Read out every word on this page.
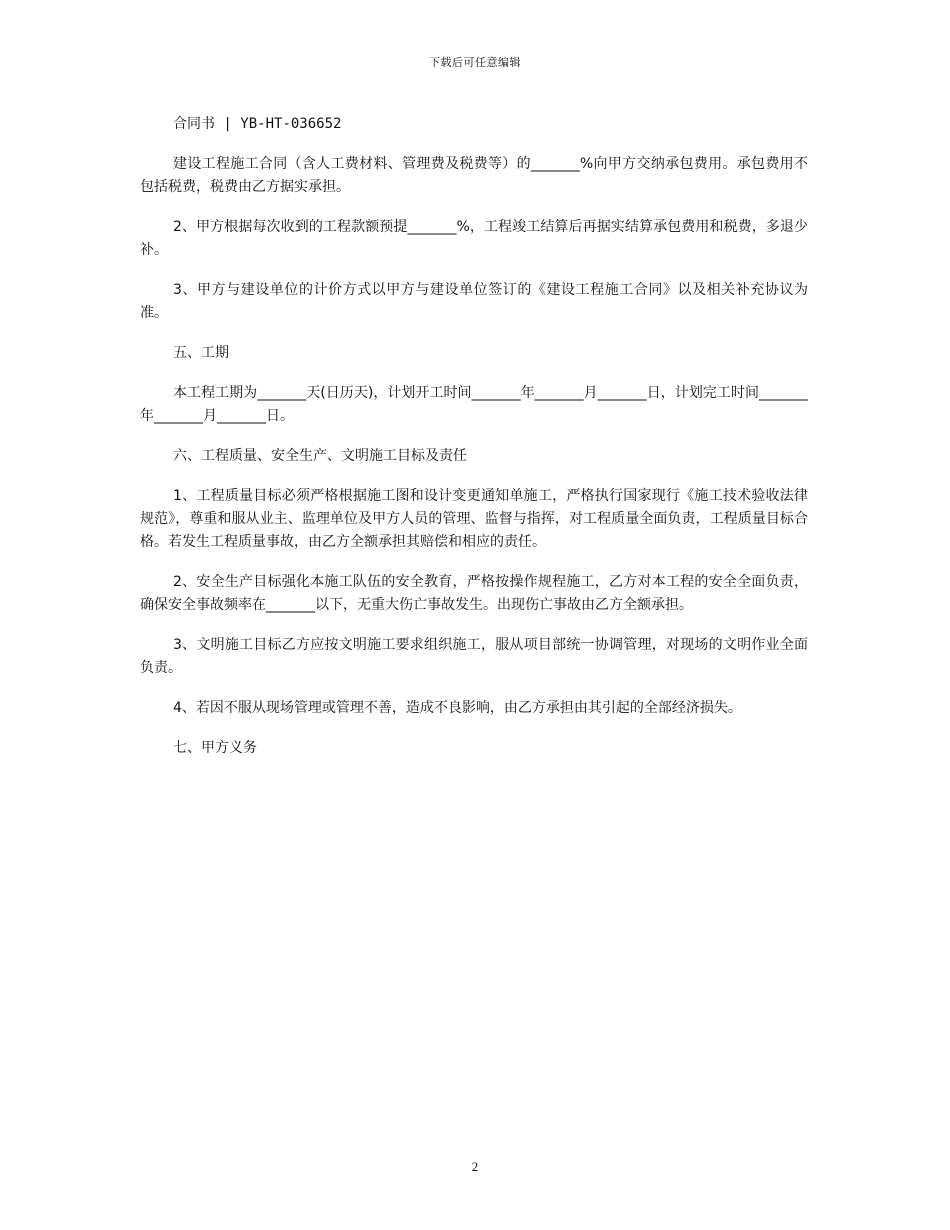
下载后可任意编辑
合同书 | YB-HT-036652

建设工程施工合同（含人工费材料、管理费及税费等）的_______%向甲方交纳承包费用。承包费用不包括税费，税费由乙方据实承担。

2、甲方根据每次收到的工程款额预提_______%，工程竣工结算后再据实结算承包费用和税费，多退少补。

3、甲方与建设单位的计价方式以甲方与建设单位签订的《建设工程施工合同》以及相关补充协议为准。

五、工期

本工程工期为_______天(日历天)，计划开工时间_______年_______月_______日，计划完工时间_______年_______月_______日。

六、工程质量、安全生产、文明施工目标及责任

1、工程质量目标必须严格根据施工图和设计变更通知单施工，严格执行国家现行《施工技术验收法律规范》，尊重和服从业主、监理单位及甲方人员的管理、监督与指挥，对工程质量全面负责，工程质量目标合格。若发生工程质量事故，由乙方全额承担其赔偿和相应的责任。

2、安全生产目标强化本施工队伍的安全教育，严格按操作规程施工，乙方对本工程的安全全面负责，确保安全事故频率在_______以下，无重大伤亡事故发生。出现伤亡事故由乙方全额承担。

3、文明施工目标乙方应按文明施工要求组织施工，服从项目部统一协调管理，对现场的文明作业全面负责。

4、若因不服从现场管理或管理不善，造成不良影响，由乙方承担由其引起的全部经济损失。

七、甲方义务

2
